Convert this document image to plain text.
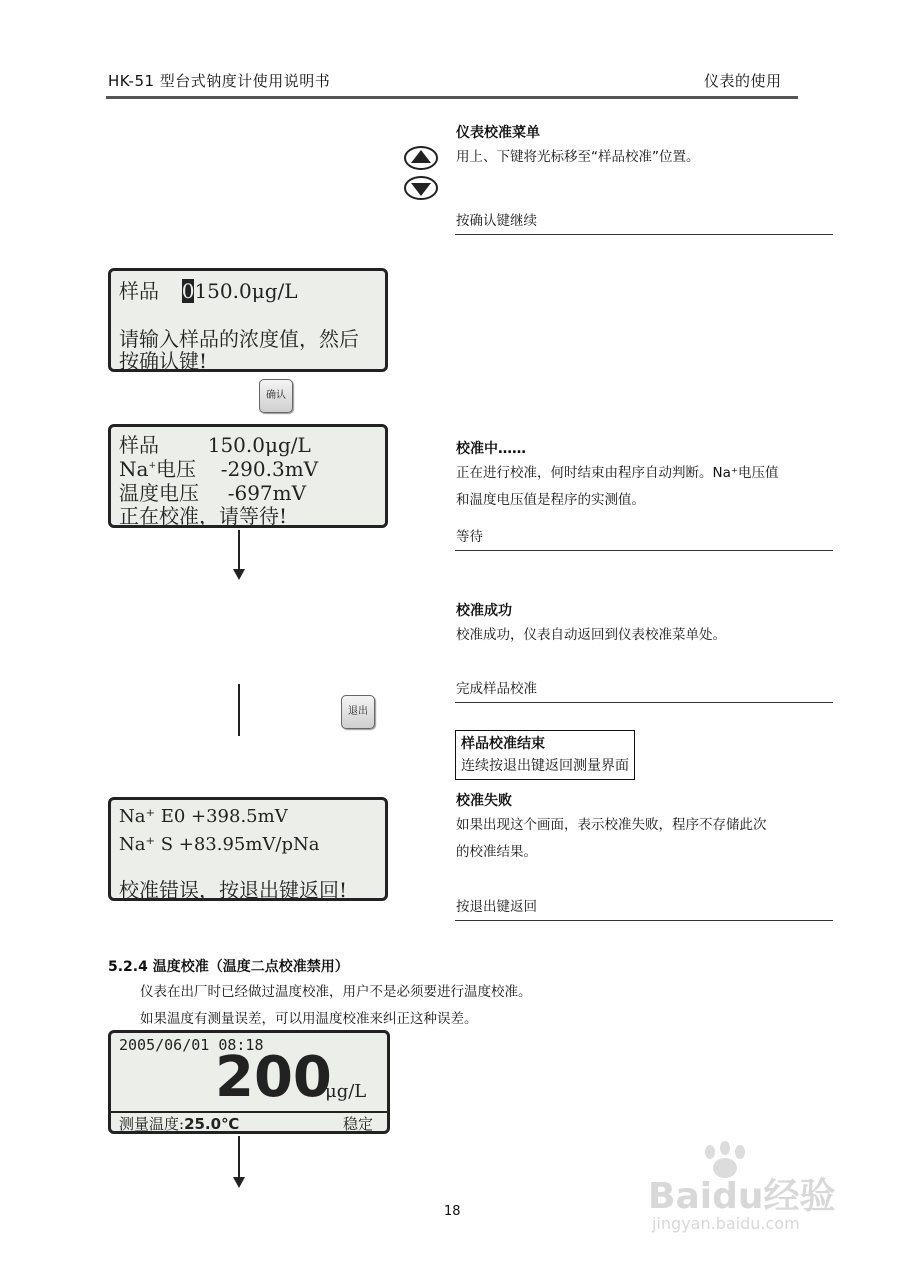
HK-51 型台式钠度计使用说明书	仪表的使用
仪表校准菜单
用上、下键将光标移至“样品校准”位置。
按确认键继续
样品 0150.0μg/L
请输入样品的浓度值，然后
按确认键!
确认
样品 150.0μg/L
Na+电压 -290.3mV
温度电压 -697mV
正在校准，请等待!
校准中……
正在进行校准，何时结束由程序自动判断。Na⁺电压值
和温度电压值是程序的实测值。
等待
校准成功
校准成功，仪表自动返回到仪表校准菜单处。
完成样品校准
退出
样品校准结束
连续按退出键返回测量界面
Na⁺ E0 +398.5mV
Na⁺ S +83.95mV/pNa
校准错误，按退出键返回!
校准失败
如果出现这个画面，表示校准失败，程序不存储此次
的校准结果。
按退出键返回
5.2.4 温度校准（温度二点校准禁用）
仪表在出厂时已经做过温度校准，用户不是必须要进行温度校准。
如果温度有测量误差，可以用温度校准来纠正这种误差。
2005/06/01 08:18
200
μg/L
测量温度:25.0℃	稳定
18	Baidu经验
jingyan.baidu.com
